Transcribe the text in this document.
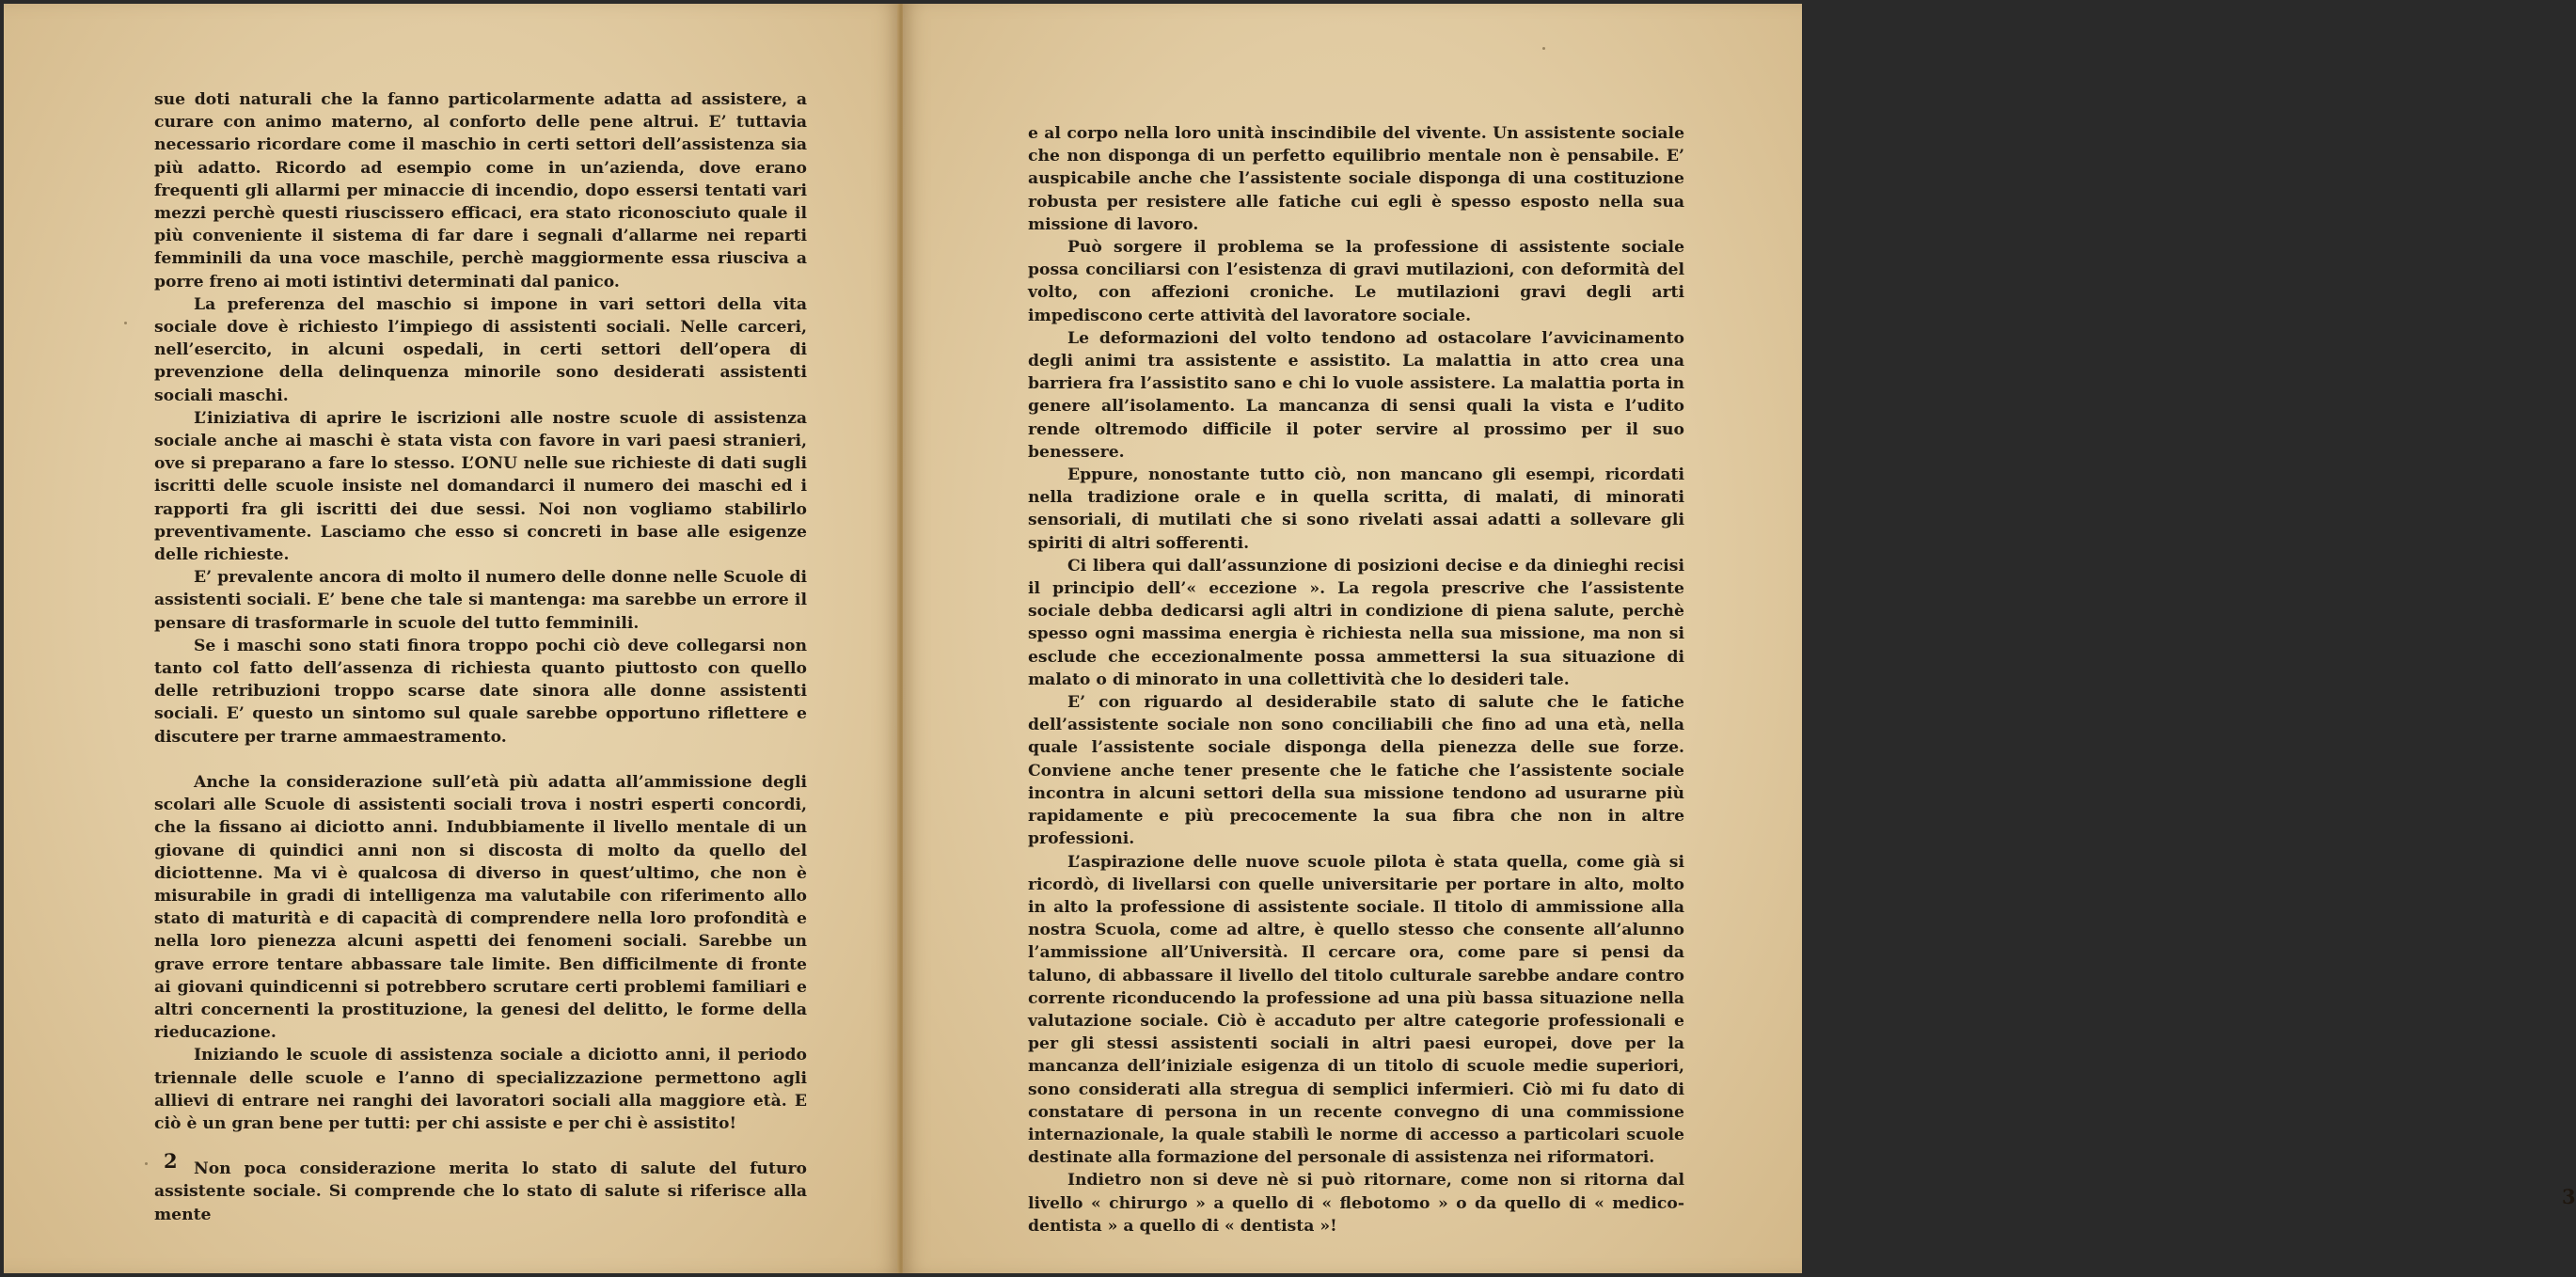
sue doti naturali che la fanno particolarmente adatta ad assistere, a curare con animo materno, al conforto delle pene altrui. E’ tuttavia necessario ricordare come il maschio in certi settori dell’assistenza sia più adatto. Ricordo ad esempio come in un’azienda, dove erano frequenti gli allarmi per minaccie di incendio, dopo essersi tentati vari mezzi perchè questi riuscissero efficaci, era stato riconosciuto quale il più conveniente il sistema di far dare i segnali d’allarme nei reparti femminili da una voce maschile, perchè maggiormente essa riusciva a porre freno ai moti istintivi determinati dal panico.

La preferenza del maschio si impone in vari settori della vita sociale dove è richiesto l’impiego di assistenti sociali. Nelle carceri, nell’esercito, in alcuni ospedali, in certi settori dell’opera di prevenzione della delinquenza minorile sono desiderati assistenti sociali maschi.

L’iniziativa di aprire le iscrizioni alle nostre scuole di assistenza sociale anche ai maschi è stata vista con favore in vari paesi stranieri, ove si preparano a fare lo stesso. L’ONU nelle sue richieste di dati sugli iscritti delle scuole insiste nel domandarci il numero dei maschi ed i rapporti fra gli iscritti dei due sessi. Noi non vogliamo stabilirlo preventivamente. Lasciamo che esso si concreti in base alle esigenze delle richieste.

E’ prevalente ancora di molto il numero delle donne nelle Scuole di assistenti sociali. E’ bene che tale si mantenga: ma sarebbe un errore il pensare di trasformarle in scuole del tutto femminili.

Se i maschi sono stati finora troppo pochi ciò deve collegarsi non tanto col fatto dell’assenza di richiesta quanto piuttosto con quello delle retribuzioni troppo scarse date sinora alle donne assistenti sociali. E’ questo un sintomo sul quale sarebbe opportuno riflettere e discutere per trarne ammaestramento.

Anche la considerazione sull’età più adatta all’ammissione degli scolari alle Scuole di assistenti sociali trova i nostri esperti concordi, che la fissano ai diciotto anni. Indubbiamente il livello mentale di un giovane di quindici anni non si discosta di molto da quello del diciottenne. Ma vi è qualcosa di diverso in quest’ultimo, che non è misurabile in gradi di intelligenza ma valutabile con riferimento allo stato di maturità e di capacità di comprendere nella loro profondità e nella loro pienezza alcuni aspetti dei fenomeni sociali. Sarebbe un grave errore tentare abbassare tale limite. Ben difficilmente di fronte ai giovani quindicenni si potrebbero scrutare certi problemi familiari e altri concernenti la prostituzione, la genesi del delitto, le forme della rieducazione.

Iniziando le scuole di assistenza sociale a diciotto anni, il periodo triennale delle scuole e l’anno di specializzazione permettono agli allievi di entrare nei ranghi dei lavoratori sociali alla maggiore età. E ciò è un gran bene per tutti: per chi assiste e per chi è assistito!

Non poca considerazione merita lo stato di salute del futuro assistente sociale. Si comprende che lo stato di salute si riferisce alla mente

2

e al corpo nella loro unità inscindibile del vivente. Un assistente sociale che non disponga di un perfetto equilibrio mentale non è pensabile. E’ auspicabile anche che l’assistente sociale disponga di una costituzione robusta per resistere alle fatiche cui egli è spesso esposto nella sua missione di lavoro.

Può sorgere il problema se la professione di assistente sociale possa conciliarsi con l’esistenza di gravi mutilazioni, con deformità del volto, con affezioni croniche. Le mutilazioni gravi degli arti impediscono certe attività del lavoratore sociale.

Le deformazioni del volto tendono ad ostacolare l’avvicinamento degli animi tra assistente e assistito. La malattia in atto crea una barriera fra l’assistito sano e chi lo vuole assistere. La malattia porta in genere all’isolamento. La mancanza di sensi quali la vista e l’udito rende oltremodo difficile il poter servire al prossimo per il suo benessere.

Eppure, nonostante tutto ciò, non mancano gli esempi, ricordati nella tradizione orale e in quella scritta, di malati, di minorati sensoriali, di mutilati che si sono rivelati assai adatti a sollevare gli spiriti di altri sofferenti.

Ci libera qui dall’assunzione di posizioni decise e da dinieghi recisi il principio dell’« eccezione ». La regola prescrive che l’assistente sociale debba dedicarsi agli altri in condizione di piena salute, perchè spesso ogni massima energia è richiesta nella sua missione, ma non si esclude che eccezionalmente possa ammettersi la sua situazione di malato o di minorato in una collettività che lo desideri tale.

E’ con riguardo al desiderabile stato di salute che le fatiche dell’assistente sociale non sono conciliabili che fino ad una età, nella quale l’assistente sociale disponga della pienezza delle sue forze. Conviene anche tener presente che le fatiche che l’assistente sociale incontra in alcuni settori della sua missione tendono ad usurarne più rapidamente e più precocemente la sua fibra che non in altre professioni.

L’aspirazione delle nuove scuole pilota è stata quella, come già si ricordò, di livellarsi con quelle universitarie per portare in alto, molto in alto la professione di assistente sociale. Il titolo di ammissione alla nostra Scuola, come ad altre, è quello stesso che consente all’alunno l’ammissione all’Università. Il cercare ora, come pare si pensi da taluno, di abbassare il livello del titolo culturale sarebbe andare contro corrente riconducendo la professione ad una più bassa situazione nella valutazione sociale. Ciò è accaduto per altre categorie professionali e per gli stessi assistenti sociali in altri paesi europei, dove per la mancanza dell’iniziale esigenza di un titolo di scuole medie superiori, sono considerati alla stregua di semplici infermieri. Ciò mi fu dato di constatare di persona in un recente convegno di una commissione internazionale, la quale stabilì le norme di accesso a particolari scuole destinate alla formazione del personale di assistenza nei riformatori.

Indietro non si deve nè si può ritornare, come non si ritorna dal livello « chirurgo » a quello di « flebotomo » o da quello di « medico-dentista » a quello di « dentista »!

3
